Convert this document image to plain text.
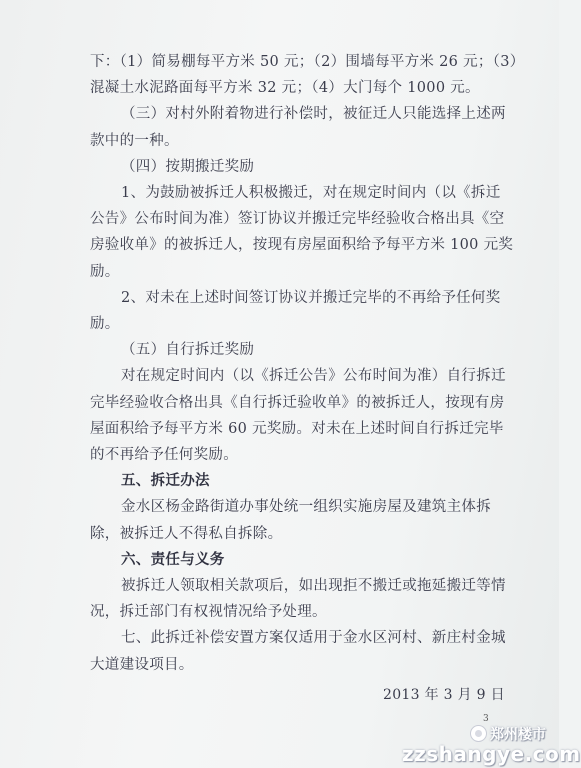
下：（1）简易棚每平方米 50 元；（2）围墙每平方米 26 元；（3）
混凝土水泥路面每平方米 32 元；（4）大门每个 1000 元。
（三）对村外附着物进行补偿时，被征迁人只能选择上述两
款中的一种。
（四）按期搬迁奖励
1、为鼓励被拆迁人积极搬迁，对在规定时间内（以《拆迁
公告》公布时间为准）签订协议并搬迁完毕经验收合格出具《空
房验收单》的被拆迁人，按现有房屋面积给予每平方米 100 元奖
励。
2、对未在上述时间签订协议并搬迁完毕的不再给予任何奖
励。
（五）自行拆迁奖励
对在规定时间内（以《拆迁公告》公布时间为准）自行拆迁
完毕经验收合格出具《自行拆迁验收单》的被拆迁人，按现有房
屋面积给予每平方米 60 元奖励。对未在上述时间自行拆迁完毕
的不再给予任何奖励。
五、拆迁办法
金水区杨金路街道办事处统一组织实施房屋及建筑主体拆
除，被拆迁人不得私自拆除。
六、责任与义务
被拆迁人领取相关款项后，如出现拒不搬迁或拖延搬迁等情
况，拆迁部门有权视情况给予处理。
七、此拆迁补偿安置方案仅适用于金水区河村、新庄村金城
大道建设项目。
3
郑州楼市
zzshangye.com
2013 年 3 月 9 日
